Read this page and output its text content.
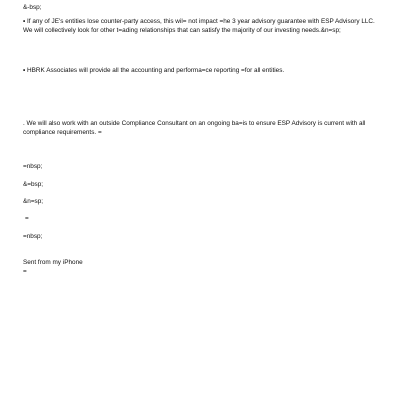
&-bsp;
• If any of JE's entities lose counter-party access, this wil= not impact =he 3 year advisory guarantee with ESP Advisory LLC. We will collectively look for other t=ading relationships that can satisfy the majority of our investing needs.&n=sp;
• HBRK Associates will provide all the accounting and performa=ce reporting =for all entities.
. We will also work with an outside Compliance Consultant on an ongoing ba=is to ensure ESP Advisory is current with all compliance requirements. =
=nbsp;
&=bsp;
&n=sp;
=
=nbsp;
Sent from my iPhone
=
